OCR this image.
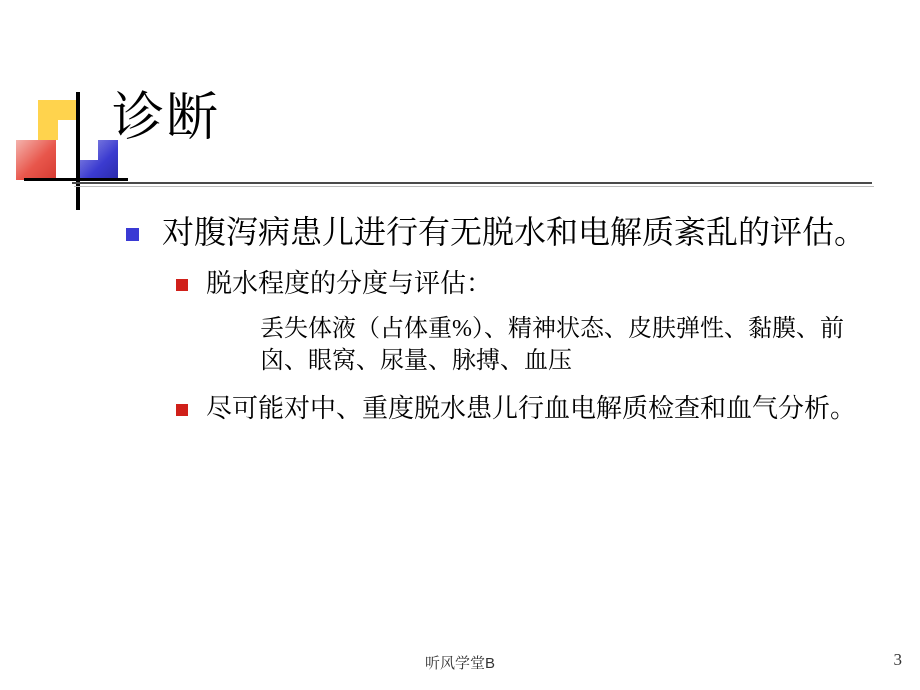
诊断
对腹泻病患儿进行有无脱水和电解质紊乱的评估。
脱水程度的分度与评估：
丢失体液（占体重%）、精神状态、皮肤弹性、黏膜、前囟、眼窝、尿量、脉搏、血压
尽可能对中、重度脱水患儿行血电解质检查和血气分析。
听风学堂B	3
